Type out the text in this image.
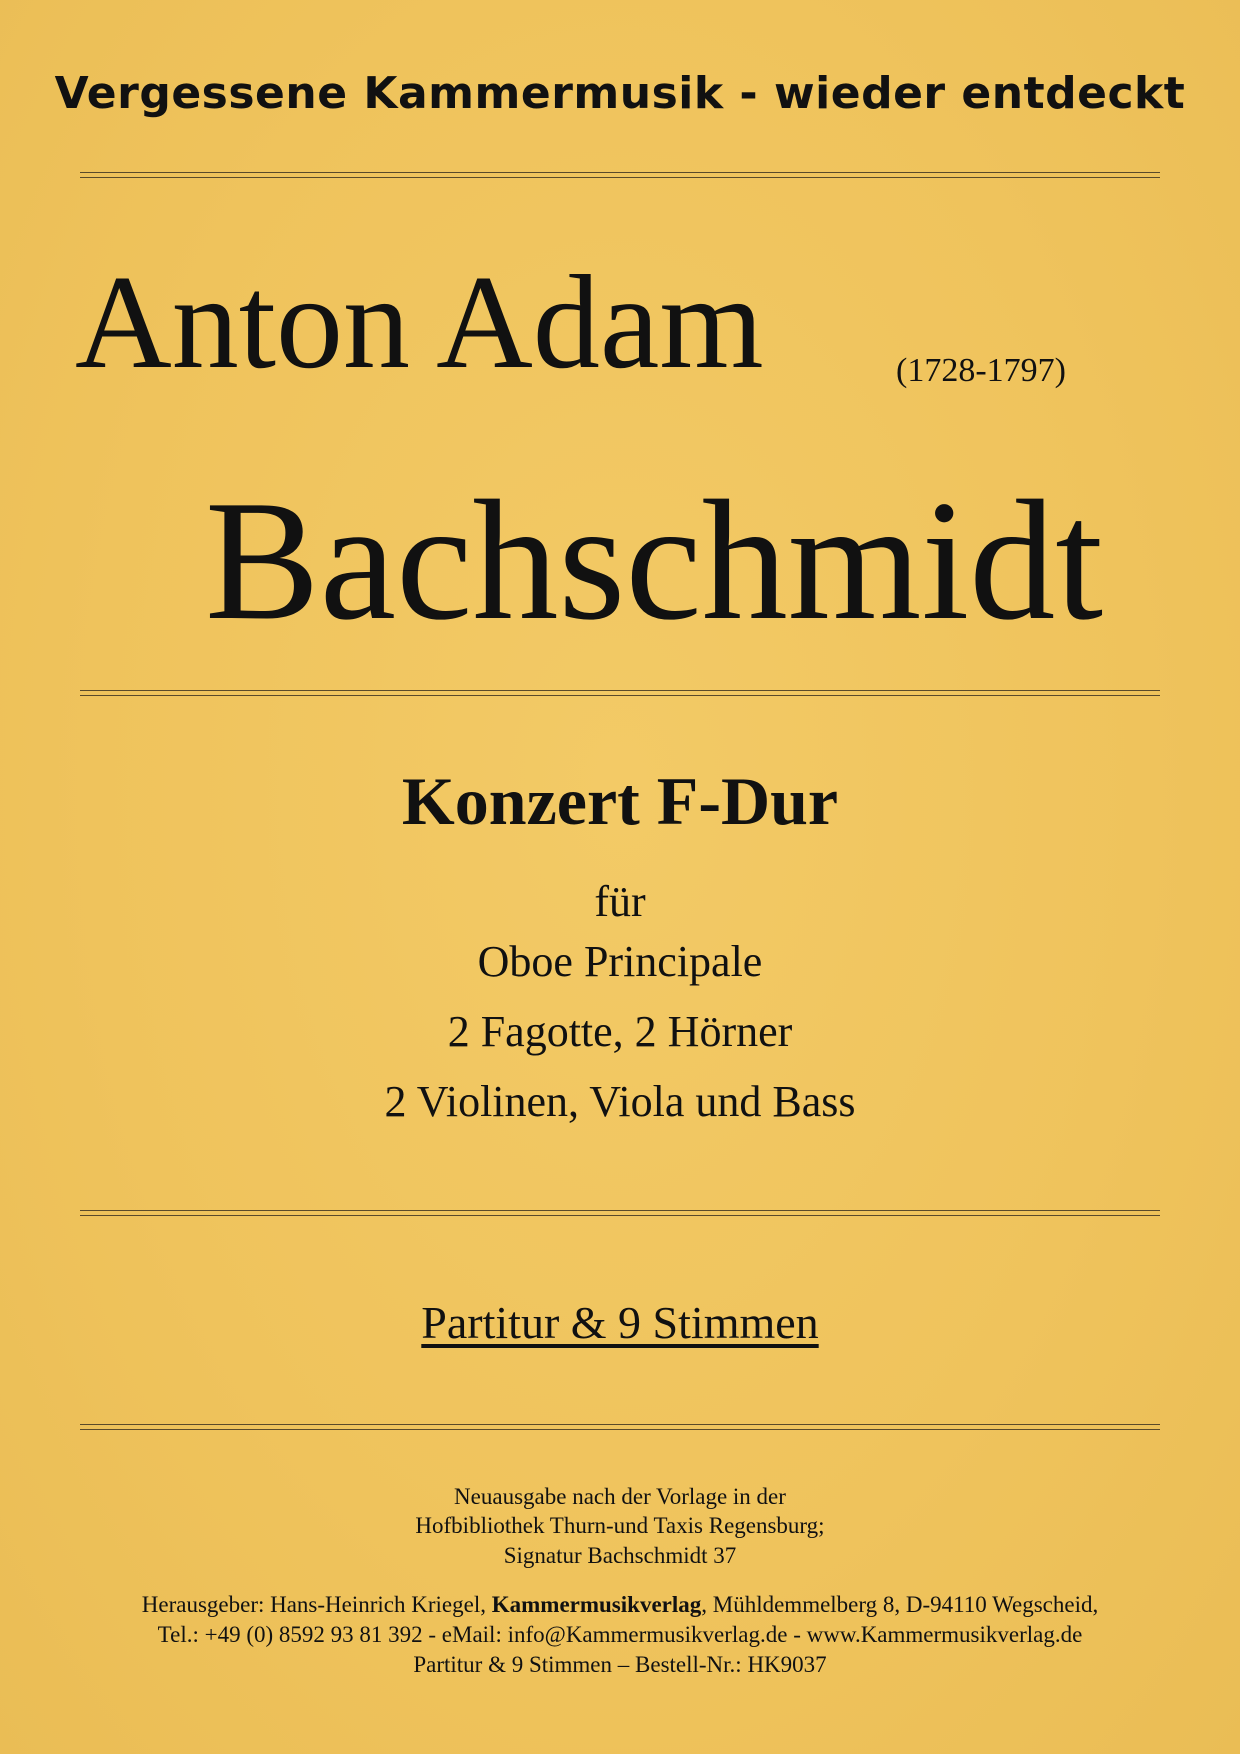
Vergessene Kammermusik - wieder entdeckt
Anton Adam	(1728-1797)
Bachschmidt
Konzert F-Dur
für
Oboe Principale
2 Fagotte, 2 Hörner
2 Violinen, Viola und Bass
Partitur & 9 Stimmen
Neuausgabe nach der Vorlage in der
Hofbibliothek Thurn-und Taxis Regensburg;
Signatur Bachschmidt 37
Herausgeber: Hans-Heinrich Kriegel, Kammermusikverlag, Mühldemmelberg 8, D-94110 Wegscheid,
Tel.: +49 (0) 8592 93 81 392 - eMail: info@Kammermusikverlag.de - www.Kammermusikverlag.de
Partitur & 9 Stimmen – Bestell-Nr.: HK9037
